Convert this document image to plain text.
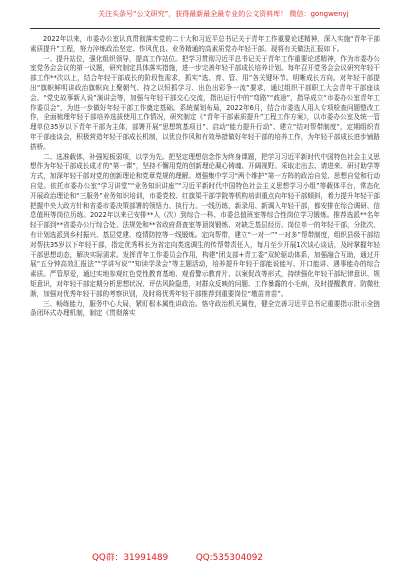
关注头条号“公文研究”，获得最新最全最专业的公文资料库！ 微信：gongwenyj

2022年以来，市委办公室认真贯彻落实党的二十大和习近平总书记关于青年工作重要论述精神，深入实施“青年干部素质提升”工程，努力淬炼政治坚定、作风优良、业务精通的高素质党办年轻干部。现将有关做法汇报如下。

一、提升站位，强化组织领导，提高工作站位。把学习贯彻习近平总书记关于青年工作重要论述精神，作为市委办公室党务会会议的第一议题，研究制定具体落实措施，进一步完善年轻干部成长培养计划。每年召开党务会会议研究年轻干部工作**次以上，结合年轻干部成长的阶段性需求，抓实“选、育、管、用”各关键环节。明晰成长方向。对年轻干部提出“旗帜鲜明讲政治旗帜向上聚朝气、持之以恒抓学习、出色出彩争一流”要求，通过组织干部职工大会青年干部座谈会、“党史故事新人说”演讲会等，加强与年轻干部交心交流，指出运行中的“弯路”“歧途”，指导成立“市委办公室青年工作委员会”，为进一步做好年轻干部工作奠定基础。系统谋划布局，2022年6月，结合市委选人用人专项检查问题整改工作，全面梳理年轻干部培养选拔使用工作情况，研究制定《“青年干部素质提升”工程工作方案》，以市委办公室及统一管理单位35岁以下青年干部为主体，部署开展“思想筑基项目”、启动“能力提升行动”、建立“结对帮带制度”，定期组织青年干部座谈会，积极营造年轻干部成长机制，以优良作风和有效举措做好年轻干部的培养工作，为年轻干部成长进步铺路搭桥。

二、选准载体，补强短板弱项，以学为先。把坚定理想信念作为终身课题，把学习习近平新时代中国特色社会主义思想作为年轻干部成长成才的“第一课”，坚持不懈用党的创新理论凝心铸魂、开阔视野。采取走出去、请进来、研讨助学等方式，加深年轻干部对党的创新理论和党章党规的理解。增强集中学习“两个维护”第一方阵的政治自觉、思想自觉和行动自觉。依托市委办公室“学习讲堂”“业务知识讲座”“习近平新时代中国特色社会主义思想学习小组”等载体平台，常态化开展政治理论和“三服务”业务知识培训，市委党校、红旗渠干部学院等机构培训重点向年轻干部倾斜，着力提升年轻干部把握中央大政方针和省委市委决策部署的领悟力、执行力。一线历练，新录用、新调入年轻干部，都安排在综合调研、信息值班等岗位历练。2022年以来已安排**人（次）到综合一科、市委总值班室等综合性岗位学习锻炼。推荐选派**名年轻干部到**省委办公厅综合处、法规处和**省政府督查室等顶岗锻炼、对缺乏基层经历、岗位单一的年轻干部，分批次、有计划选派到乡村振兴、基层党建、疫情防控等一线锻炼。定向帮带，建立“一对一”“一对多”帮带制度，组织县级干部结对帮扶35岁以下年轻干部，指定优秀科长为省定向类选调生的传帮带责任人，每月至少开展1次谈心谈话，及时掌握年轻干部思想动态，解决实际需求。发挥青年工作委员会作用，构建“团支部+青工委”双轮驱动体系，加强融合互助，通过开展“五分钟高效汇报法”“学讲写说”“知读学录会”等主题活动，培养提升年轻干部能说能写、开口能讲、遇事能办的综合素质。严管厚爱，通过实地参观红色党性教育基地、观看警示教育片、以案促改等形式，持续强化年轻干部纪律意识、规矩意识，对年轻干部定期分析思想状况、评估风险隐患，对群众反映的问题、工作暴露的小毛病，及时提醒教育、防微杜渐，加强对优秀年轻干部的考察识别，及时将优秀年轻干部推荐到重要岗位“墩苗育苗”。

三、畅练能力，服务中心大局，紧盯根本属性讲政治。恪守政治机关属性，健全完善习近平总书记重要指示批示全链条闭环式办理机制，制定《贯彻落实

QQ群：31991489	QQ:535304092
